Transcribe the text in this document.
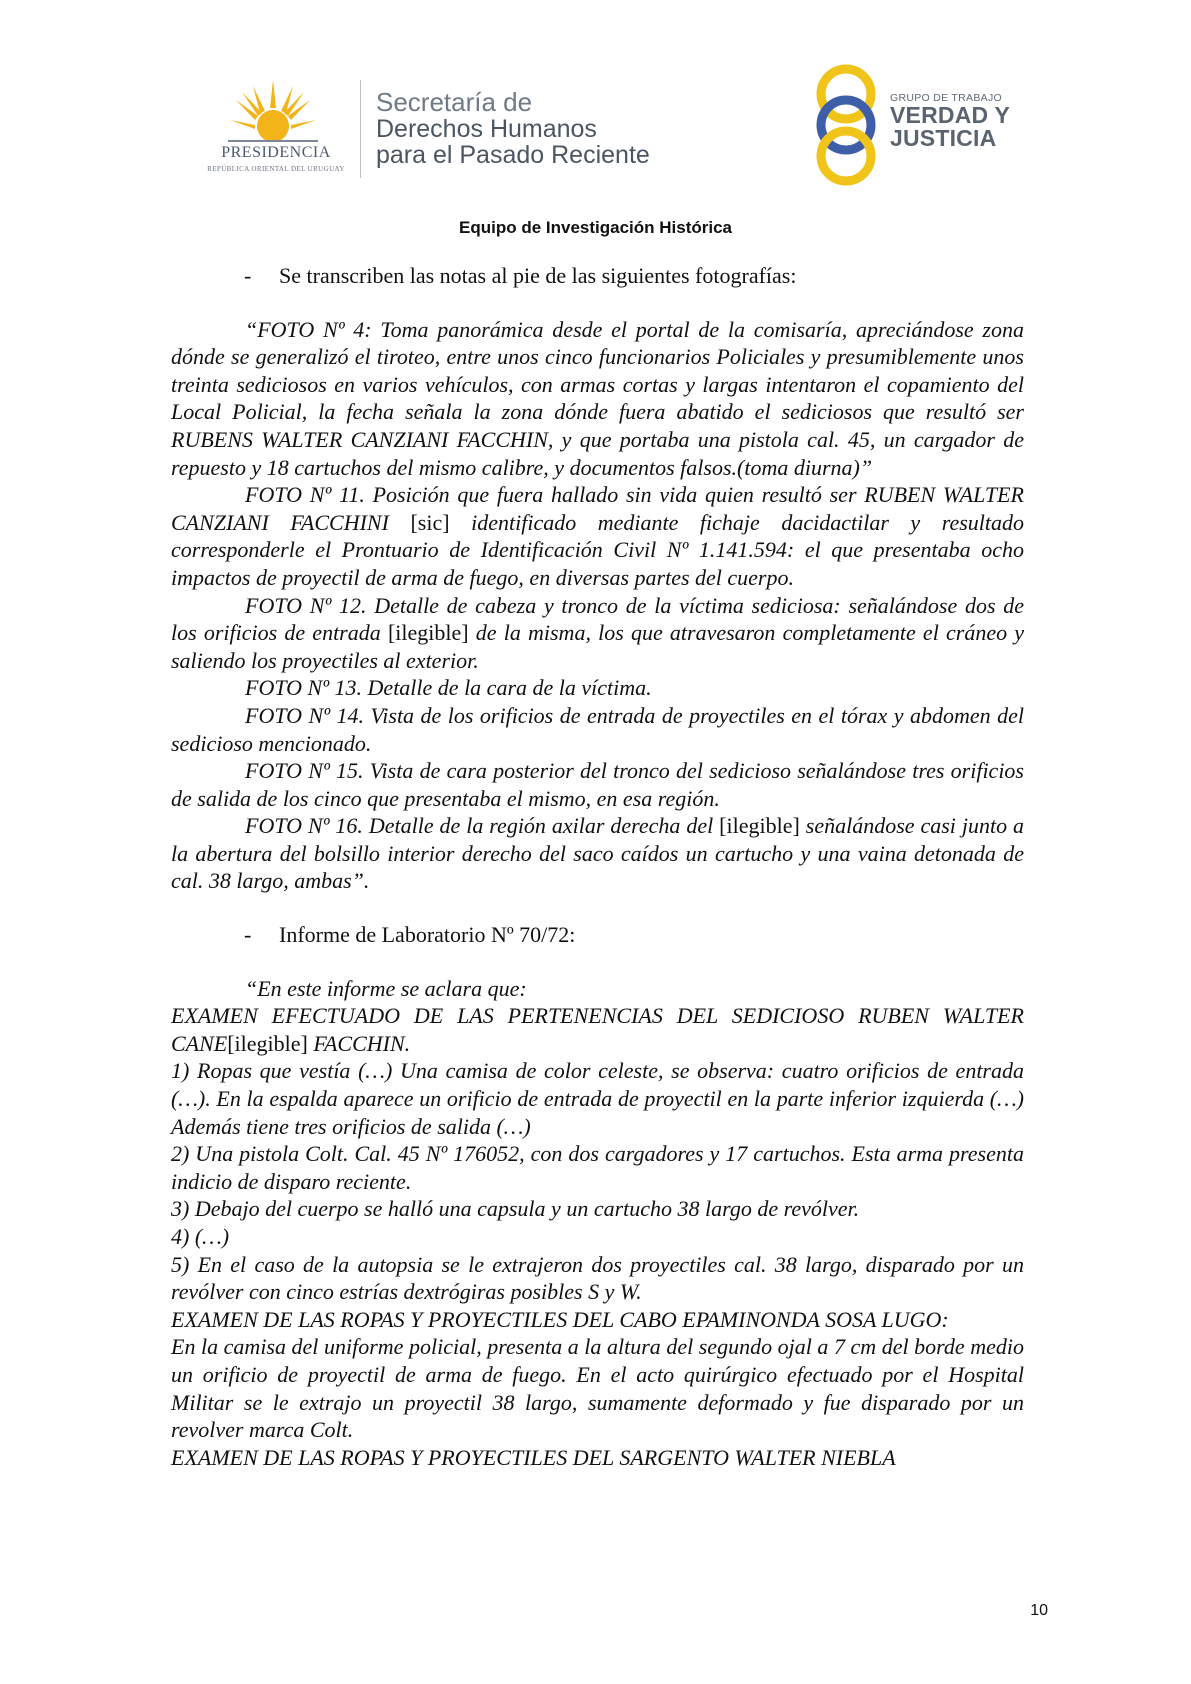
PRESIDENCIA
REPÚBLICA ORIENTAL DEL URUGUAY
Secretaría de
Derechos Humanos
para el Pasado Reciente
GRUPO DE TRABAJO
VERDAD Y
JUSTICIA
Equipo de Investigación Histórica

- Se transcriben las notas al pie de las siguientes fotografías:

“FOTO Nº 4: Toma panorámica desde el portal de la comisaría, apreciándose zona dónde se generalizó el tiroteo, entre unos cinco funcionarios Policiales y presumiblemente unos treinta sediciosos en varios vehículos, con armas cortas y largas intentaron el copamiento del Local Policial, la fecha señala la zona dónde fuera abatido el sediciosos que resultó ser RUBENS WALTER CANZIANI FACCHIN, y que portaba una pistola cal. 45, un cargador de repuesto y 18 cartuchos del mismo calibre, y documentos falsos.(toma diurna)”

FOTO Nº 11. Posición que fuera hallado sin vida quien resultó ser RUBEN WALTER CANZIANI FACCHINI [sic] identificado mediante fichaje dacidactilar y resultado corresponderle el Prontuario de Identificación Civil Nº 1.141.594: el que presentaba ocho impactos de proyectil de arma de fuego, en diversas partes del cuerpo.

FOTO Nº 12. Detalle de cabeza y tronco de la víctima sediciosa: señalándose dos de los orificios de entrada [ilegible] de la misma, los que atravesaron completamente el cráneo y saliendo los proyectiles al exterior.

FOTO Nº 13. Detalle de la cara de la víctima.

FOTO Nº 14. Vista de los orificios de entrada de proyectiles en el tórax y abdomen del sedicioso mencionado.

FOTO Nº 15. Vista de cara posterior del tronco del sedicioso señalándose tres orificios de salida de los cinco que presentaba el mismo, en esa región.

FOTO Nº 16. Detalle de la región axilar derecha del [ilegible] señalándose casi junto a la abertura del bolsillo interior derecho del saco caídos un cartucho y una vaina detonada de cal. 38 largo, ambas”.

- Informe de Laboratorio Nº 70/72:

“En este informe se aclara que:

EXAMEN EFECTUADO DE LAS PERTENENCIAS DEL SEDICIOSO RUBEN WALTER CANE[ilegible] FACCHIN.

1) Ropas que vestía (…) Una camisa de color celeste, se observa: cuatro orificios de entrada (…). En la espalda aparece un orificio de entrada de proyectil en la parte inferior izquierda (…) Además tiene tres orificios de salida (…)

2) Una pistola Colt. Cal. 45 Nº 176052, con dos cargadores y 17 cartuchos. Esta arma presenta indicio de disparo reciente.

3) Debajo del cuerpo se halló una capsula y un cartucho 38 largo de revólver.

4) (…)

5) En el caso de la autopsia se le extrajeron dos proyectiles cal. 38 largo, disparado por un revólver con cinco estrías dextrógiras posibles S y W.

EXAMEN DE LAS ROPAS Y PROYECTILES DEL CABO EPAMINONDA SOSA LUGO:

En la camisa del uniforme policial, presenta a la altura del segundo ojal a 7 cm del borde medio un orificio de proyectil de arma de fuego. En el acto quirúrgico efectuado por el Hospital Militar se le extrajo un proyectil 38 largo, sumamente deformado y fue disparado por un revolver marca Colt.

EXAMEN DE LAS ROPAS Y PROYECTILES DEL SARGENTO WALTER NIEBLA

10
